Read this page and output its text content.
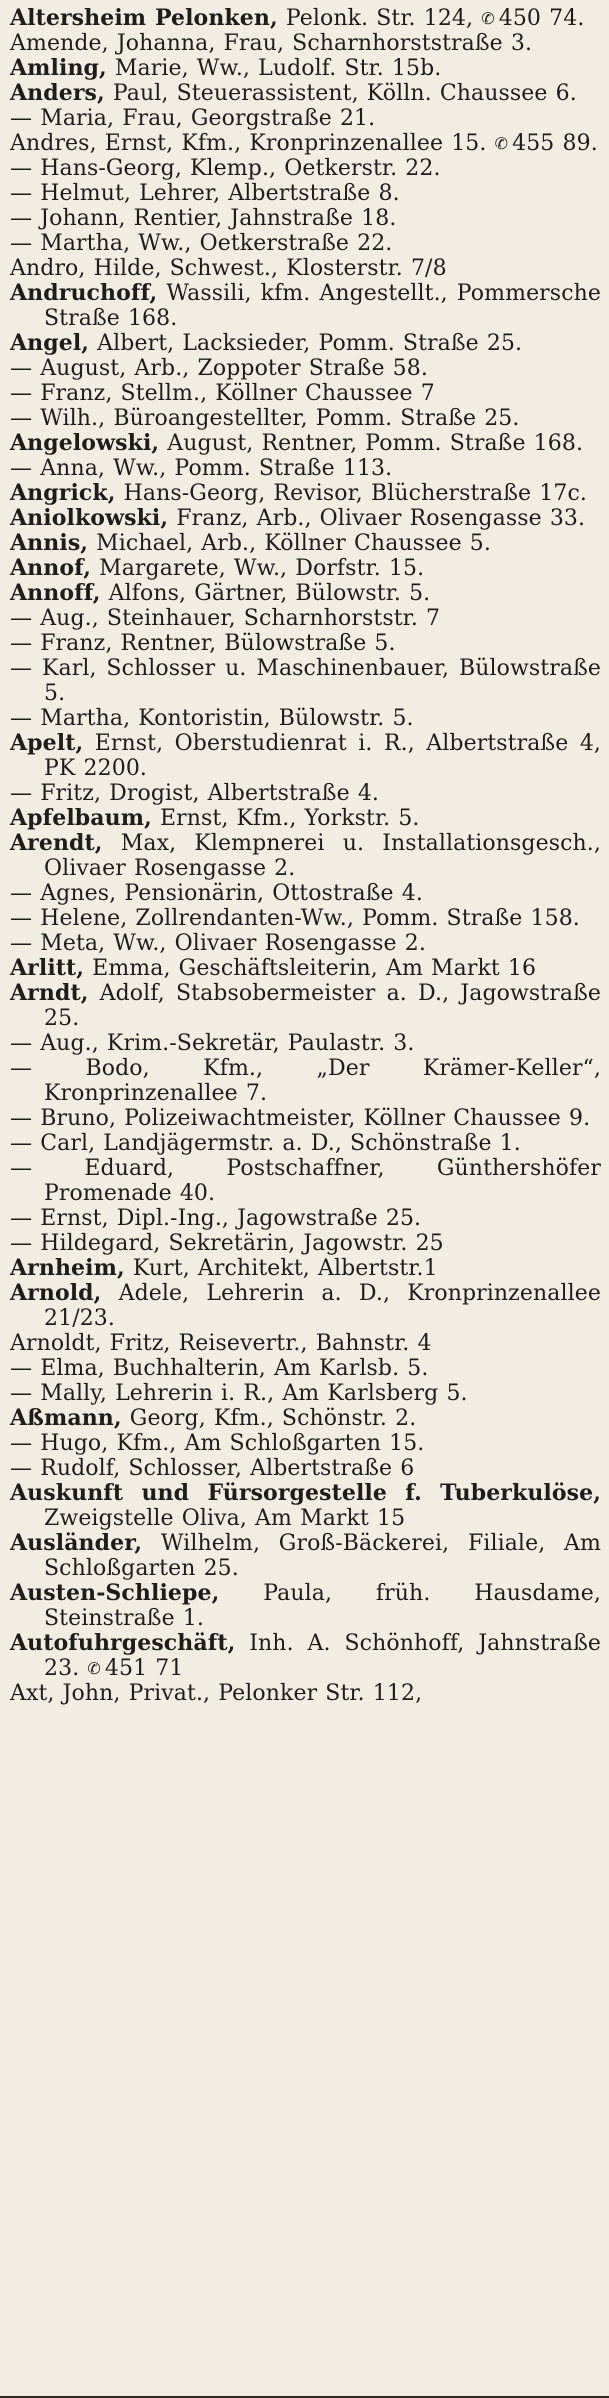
Altersheim Pelonken, Pelonk. Str. 124, ✆ 450 74.

Amende, Johanna, Frau, Scharnhorststraße 3.

Amling, Marie, Ww., Ludolf. Str. 15b.

Anders, Paul, Steuerassistent, Kölln. Chaussee 6.

— Maria, Frau, Georgstraße 21.

Andres, Ernst, Kfm., Kronprinzenallee 15. ✆ 455 89.

— Hans-Georg, Klemp., Oetkerstr. 22.

— Helmut, Lehrer, Albertstraße 8.

— Johann, Rentier, Jahnstraße 18.

— Martha, Ww., Oetkerstraße 22.

Andro, Hilde, Schwest., Klosterstr. 7/8

Andruchoff, Wassili, kfm. Angestellt., Pommersche Straße 168.

Angel, Albert, Lacksieder, Pomm. Straße 25.

— August, Arb., Zoppoter Straße 58.

— Franz, Stellm., Köllner Chaussee 7

— Wilh., Büroangestellter, Pomm. Straße 25.

Angelowski, August, Rentner, Pomm. Straße 168.

— Anna, Ww., Pomm. Straße 113.

Angrick, Hans-Georg, Revisor, Blücherstraße 17c.

Aniolkowski, Franz, Arb., Olivaer Rosengasse 33.

Annis, Michael, Arb., Köllner Chaussee 5.

Annof, Margarete, Ww., Dorfstr. 15.

Annoff, Alfons, Gärtner, Bülowstr. 5.

— Aug., Steinhauer, Scharnhorststr. 7

— Franz, Rentner, Bülowstraße 5.

— Karl, Schlosser u. Maschinenbauer, Bülowstraße 5.

— Martha, Kontoristin, Bülowstr. 5.

Apelt, Ernst, Oberstudienrat i. R., Albertstraße 4, PK 2200.

— Fritz, Drogist, Albertstraße 4.

Apfelbaum, Ernst, Kfm., Yorkstr. 5.

Arendt, Max, Klempnerei u. Installationsgesch., Olivaer Rosengasse 2.

— Agnes, Pensionärin, Ottostraße 4.

— Helene, Zollrendanten-Ww., Pomm. Straße 158.

— Meta, Ww., Olivaer Rosengasse 2.

Arlitt, Emma, Geschäftsleiterin, Am Markt 16

Arndt, Adolf, Stabsobermeister a. D., Jagowstraße 25.

— Aug., Krim.-Sekretär, Paulastr. 3.

— Bodo, Kfm., „Der Krämer-Keller“, Kronprinzenallee 7.

— Bruno, Polizeiwachtmeister, Köllner Chaussee 9.

— Carl, Landjägermstr. a. D., Schönstraße 1.

— Eduard, Postschaffner, Günthershöfer Promenade 40.

— Ernst, Dipl.-Ing., Jagowstraße 25.

— Hildegard, Sekretärin, Jagowstr. 25

Arnheim, Kurt, Architekt, Albertstr.1

Arnold, Adele, Lehrerin a. D., Kronprinzenallee 21/23.

Arnoldt, Fritz, Reisevertr., Bahnstr. 4

— Elma, Buchhalterin, Am Karlsb. 5.

— Mally, Lehrerin i. R., Am Karlsberg 5.

Aßmann, Georg, Kfm., Schönstr. 2.

— Hugo, Kfm., Am Schloßgarten 15.

— Rudolf, Schlosser, Albertstraße 6

Auskunft und Fürsorgestelle f. Tuberkulöse, Zweigstelle Oliva, Am Markt 15

Ausländer, Wilhelm, Groß-Bäckerei, Filiale, Am Schloßgarten 25.

Austen-Schliepe, Paula, früh. Hausdame, Steinstraße 1.

Autofuhrgeschäft, Inh. A. Schönhoff, Jahnstraße 23. ✆ 451 71

Axt, John, Privat., Pelonker Str. 112,
